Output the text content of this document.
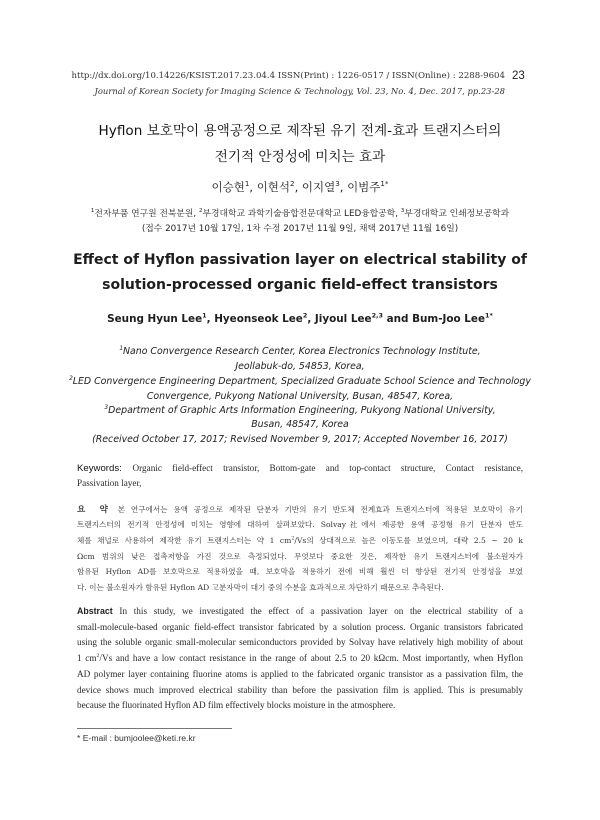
http://dx.doi.org/10.14226/KSIST.2017.23.04.4 ISSN(Print) : 1226-0517 / ISSN(Online) : 2288-9604
Journal of Korean Society for Imaging Science & Technology, Vol. 23, No. 4, Dec. 2017, pp.23-28
23
Hyflon 보호막이 용액공정으로 제작된 유기 전계-효과 트랜지스터의
전기적 안정성에 미치는 효과
이승현$^1$, 이현석$^2$, 이지열$^3$, 이범주$^{1*}$
$^1$전자부품 연구원 전북분원, $^2$부경대학교 과학기술융합전문대학교 LED융합공학, $^3$부경대학교 인쇄정보공학과
(접수 2017년 10월 17일, 1차 수정 2017년 11월 9일, 채택 2017년 11월 16일)
Effect of Hyflon passivation layer on electrical stability of
solution-processed organic field-effect transistors
Seung Hyun Lee$^1$, Hyeonseok Lee$^2$, Jiyoul Lee$^{2,3}$ and Bum-Joo Lee$^{1*}$
$^1$Nano Convergence Research Center, Korea Electronics Technology Institute,
Jeollabuk-do, 54853, Korea,
$^2$LED Convergence Engineering Department, Specialized Graduate School Science and Technology
Convergence, Pukyong National University, Busan, 48547, Korea,
$^3$Department of Graphic Arts Information Engineering, Pukyong National University,
Busan, 48547, Korea
(Received October 17, 2017; Revised November 9, 2017; Accepted November 16, 2017)
Keywords: Organic field-effect transistor, Bottom-gate and top-contact structure, Contact resistance,
Passivation layer,
요 약 본 연구에서는 용액 공정으로 제작된 단분자 기반의 유기 반도체 전계효과 트랜지스터에 적용된 보호막이 유기
트랜지스터의 전기적 안정성에 미치는 영향에 대하여 살펴보았다. Solvay社에서 제공한 용액 공정형 유기 단분자 반도
체를 채널로 사용하여 제작한 유기 트랜지스터는 약 1 $cm^2/Vs$의 상대적으로 높은 이동도를 보였으며, 대략 2.5 ~ 20 k
Ωcm 범위의 낮은 접촉저항을 가진 것으로 측정되었다. 무엇보다 중요한 것은, 제작한 유기 트랜지스터에 불소원자가
함유된 Hyflon AD를 보호막으로 적용하였을 때, 보호막을 적용하기 전에 비해 훨씬 더 향상된 전기적 안정성을 보였
다. 이는 불소원자가 함유된 Hyflon AD 고분자막이 대기 중의 수분을 효과적으로 차단하기 때문으로 추측된다.
Abstract In this study, we investigated the effect of a passivation layer on the electrical stability of a
small-molecule-based organic field-effect transistor fabricated by a solution process. Organic transistors fabricated
using the soluble organic small-molecular semiconductors provided by Solvay have relatively high mobility of about
1 $cm^2/Vs$ and have a low contact resistance in the range of about 2.5 to 20 kΩcm. Most importantly, when Hyflon
AD polymer layer containing fluorine atoms is applied to the fabricated organic transistor as a passivation film, the
device shows much improved electrical stability than before the passivation film is applied. This is presumably
because the fluorinated Hyflon AD film effectively blocks moisture in the atmosphere.
* E-mail : bumjoolee@keti.re.kr
